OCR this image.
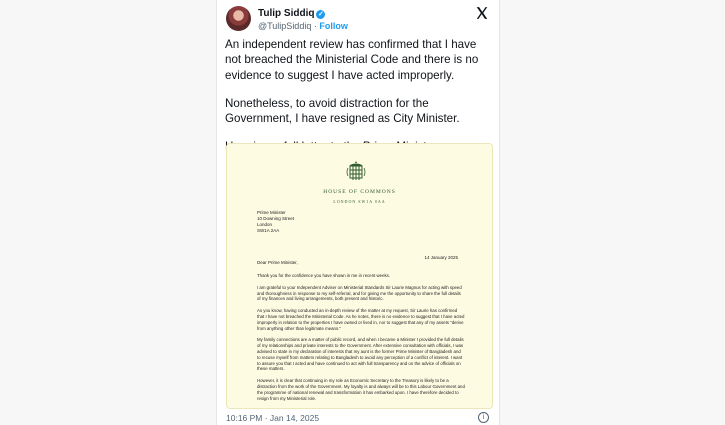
Tulip Siddiq ✓
@TulipSiddiq · Follow

An independent review has confirmed that I have not breached the Ministerial Code and there is no evidence to suggest I have acted improperly.

Nonetheless, to avoid distraction for the Government, I have resigned as City Minister.

HOUSE OF COMMONS
LONDON SW1A 0AA
Prime Minister
10 Downing Street
London
SW1A 2AA
14 January 2025
Dear Prime Minister,

Thank you for the confidence you have shown in me in recent weeks.

I am grateful to your Independent Adviser on Ministerial Standards Sir Laurie Magnus for acting with speed and thoroughness in response to my self-referral, and for giving me the opportunity to share the full details of my finances and living arrangements, both present and historic.

As you know, having conducted an in-depth review of the matter at my request, Sir Laurie has confirmed that I have not breached the Ministerial Code. As he notes, there is no evidence to suggest that I have acted improperly in relation to the properties I have owned or lived in, nor to suggest that any of my assets "derive from anything other than legitimate means."

My family connections are a matter of public record, and when I became a Minister I provided the full details of my relationships and private interests to the Government. After extensive consultation with officials, I was advised to state in my declaration of interests that my aunt is the former Prime Minister of Bangladesh and to recuse myself from matters relating to Bangladesh to avoid any perception of a conflict of interest. I want to assure you that I acted and have continued to act with full transparency and on the advice of officials on these matters.

However, it is clear that continuing in my role as Economic Secretary to the Treasury is likely to be a distraction from the work of the Government. My loyalty is and always will be to this Labour Government and the programme of national renewal and transformation it has embarked upon. I have therefore decided to resign from my Ministerial role.

10:16 PM · Jan 14, 2025	i
